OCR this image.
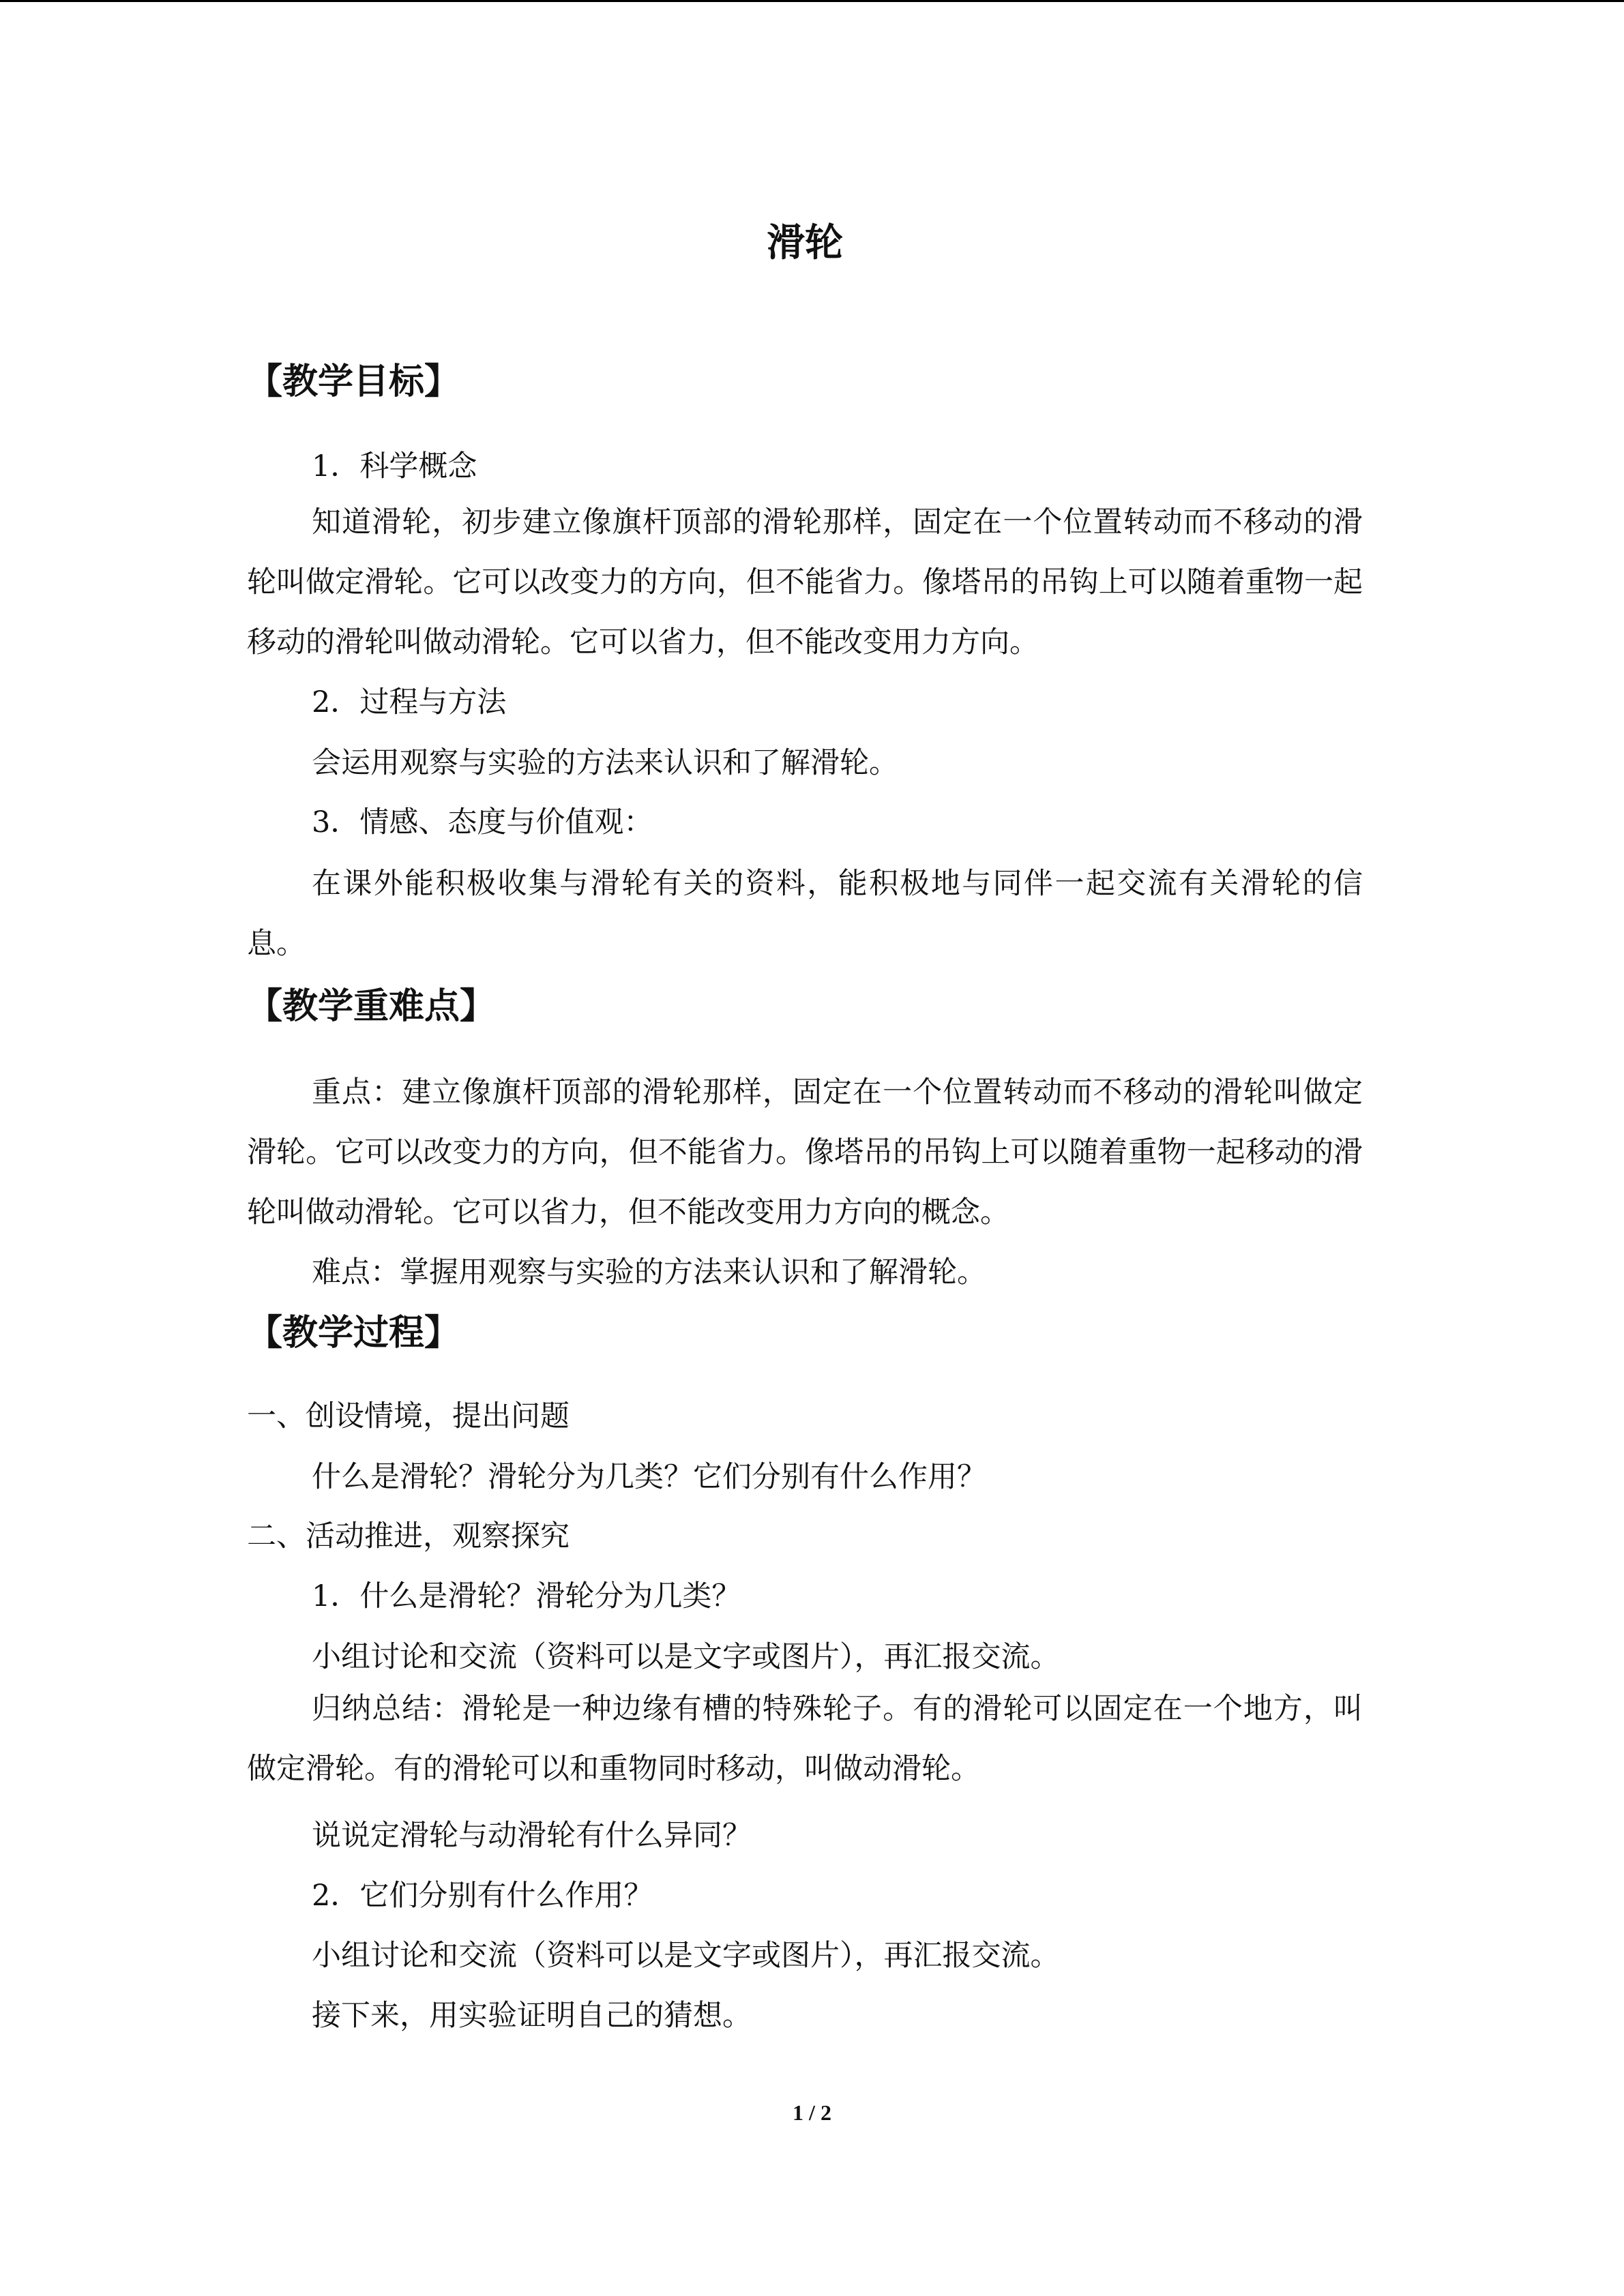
滑轮
【教学目标】
1．科学概念
知道滑轮，初步建立像旗杆顶部的滑轮那样，固定在一个位置转动而不移动的滑轮叫做定滑轮。它可以改变力的方向，但不能省力。像塔吊的吊钩上可以随着重物一起移动的滑轮叫做动滑轮。它可以省力，但不能改变用力方向。
2．过程与方法
会运用观察与实验的方法来认识和了解滑轮。
3．情感、态度与价值观：
在课外能积极收集与滑轮有关的资料，能积极地与同伴一起交流有关滑轮的信息。
【教学重难点】
重点：建立像旗杆顶部的滑轮那样，固定在一个位置转动而不移动的滑轮叫做定滑轮。它可以改变力的方向，但不能省力。像塔吊的吊钩上可以随着重物一起移动的滑轮叫做动滑轮。它可以省力，但不能改变用力方向的概念。
难点：掌握用观察与实验的方法来认识和了解滑轮。
【教学过程】
一、创设情境，提出问题
什么是滑轮？滑轮分为几类？它们分别有什么作用？
二、活动推进，观察探究
1．什么是滑轮？滑轮分为几类？
小组讨论和交流（资料可以是文字或图片），再汇报交流。
归纳总结：滑轮是一种边缘有槽的特殊轮子。有的滑轮可以固定在一个地方，叫做定滑轮。有的滑轮可以和重物同时移动，叫做动滑轮。
说说定滑轮与动滑轮有什么异同？
2．它们分别有什么作用？
小组讨论和交流（资料可以是文字或图片），再汇报交流。
接下来，用实验证明自己的猜想。
1 / 2
